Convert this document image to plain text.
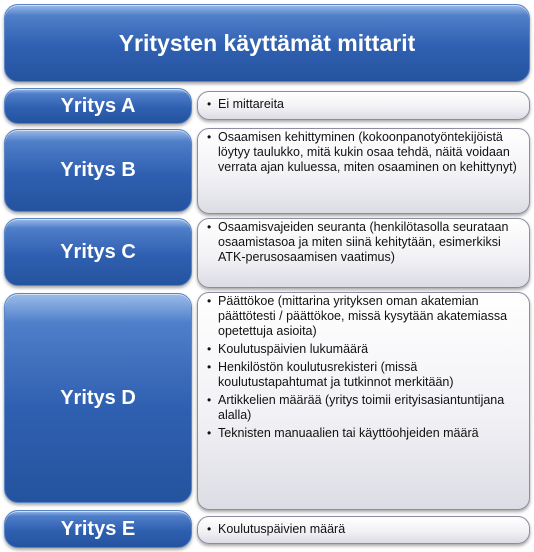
Yritysten käyttämät mittarit
Yritys A	• Ei mittareita
Yritys B
• Osaamisen kehittyminen (kokoonpanotyöntekijöistä löytyy taulukko, mitä kukin osaa tehdä, näitä voidaan verrata ajan kuluessa, miten osaaminen on kehittynyt)
Yritys C
• Osaamisvajeiden seuranta (henkilötasolla seurataan osaamistasoa ja miten siinä kehitytään, esimerkiksi ATK-perusosaamisen vaatimus)
Yritys D
• Päättökoe (mittarina yrityksen oman akatemian päättötesti / päättökoe, missä kysytään akatemiassa opetettuja asioita)
• Koulutuspäivien lukumäärä
• Henkilöstön koulutusrekisteri (missä koulutustapahtumat ja tutkinnot merkitään)
• Artikkelien määrää (yritys toimii erityisasiantuntijana alalla)
• Teknisten manuaalien tai käyttöohjeiden määrä
Yritys E	• Koulutuspäivien määrä
